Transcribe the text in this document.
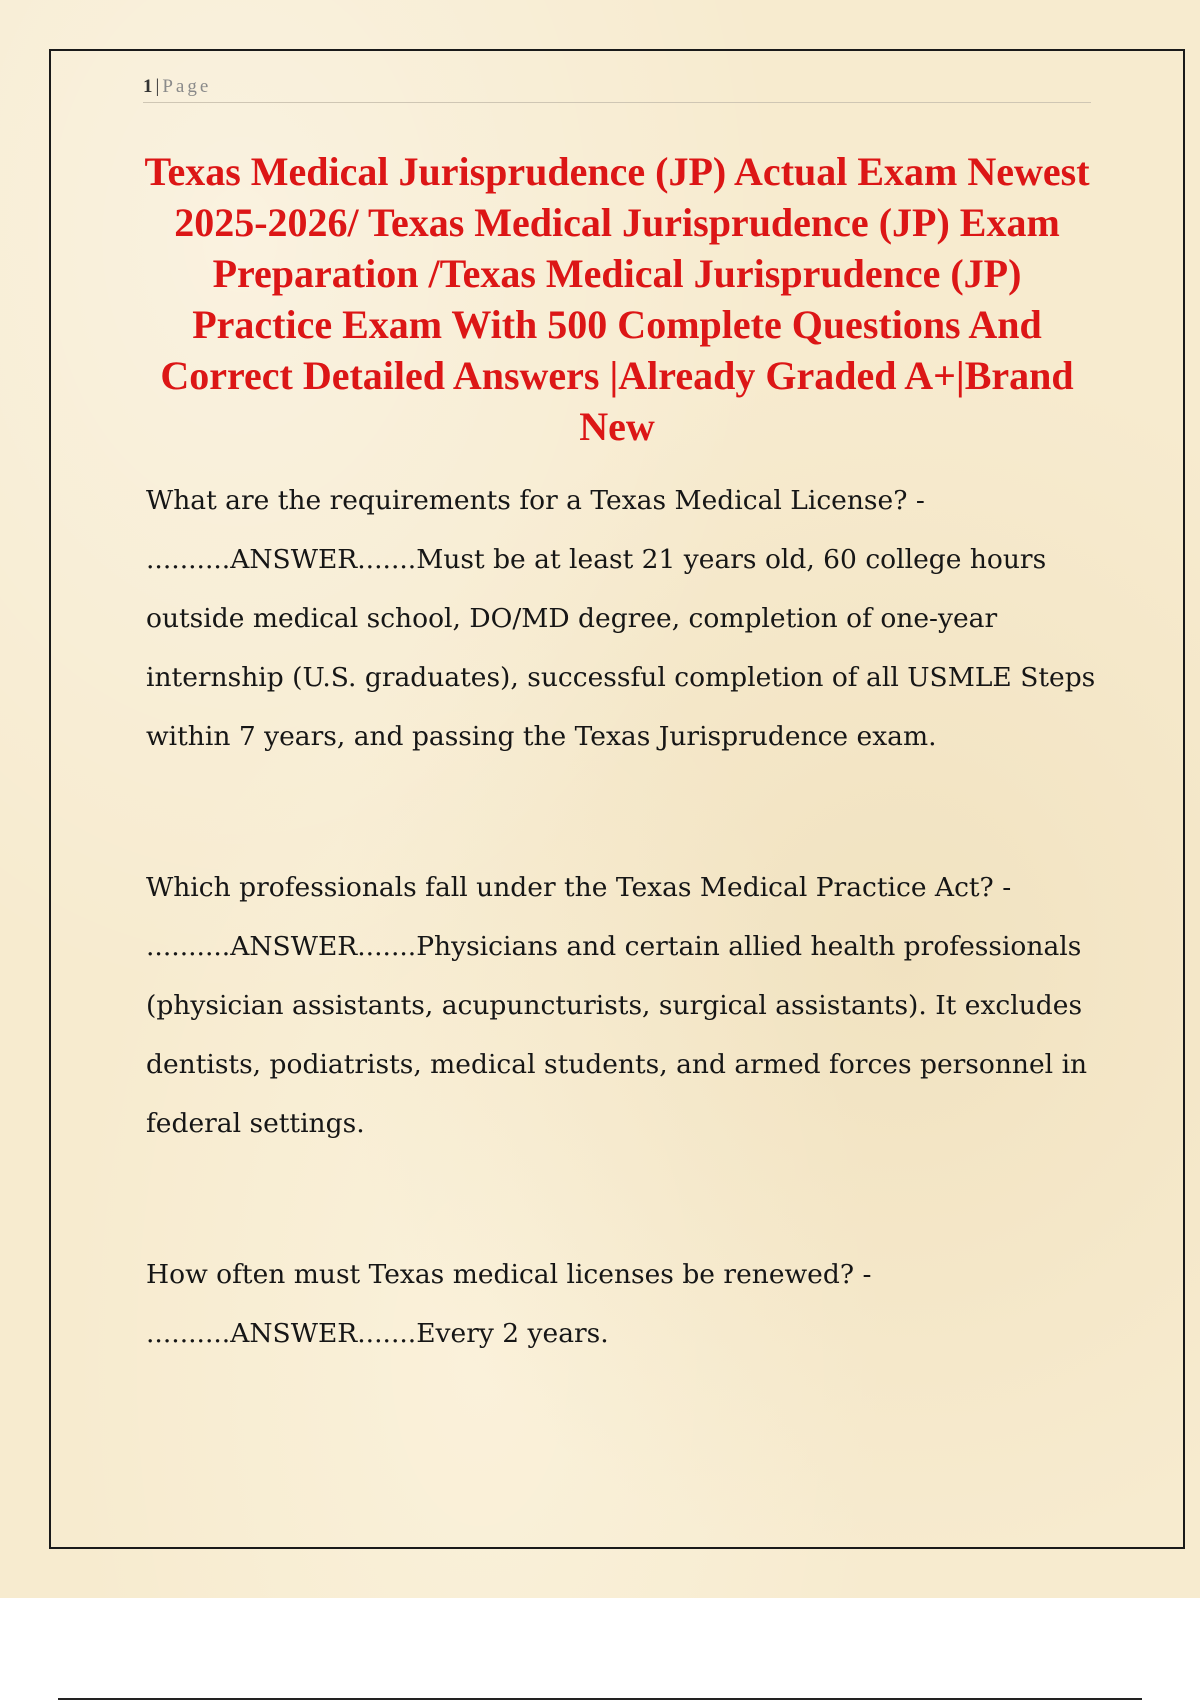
1 | Page
Texas Medical Jurisprudence (JP) Actual Exam Newest 2025-2026/ Texas Medical Jurisprudence (JP) Exam Preparation /Texas Medical Jurisprudence (JP) Practice Exam With 500 Complete Questions And Correct Detailed Answers |Already Graded A+|Brand New

What are the requirements for a Texas Medical License? -
..........ANSWER.......Must be at least 21 years old, 60 college hours outside medical school, DO/MD degree, completion of one-year internship (U.S. graduates), successful completion of all USMLE Steps within 7 years, and passing the Texas Jurisprudence exam.

Which professionals fall under the Texas Medical Practice Act? -
..........ANSWER.......Physicians and certain allied health professionals (physician assistants, acupuncturists, surgical assistants). It excludes dentists, podiatrists, medical students, and armed forces personnel in federal settings.

How often must Texas medical licenses be renewed? -
..........ANSWER.......Every 2 years.
